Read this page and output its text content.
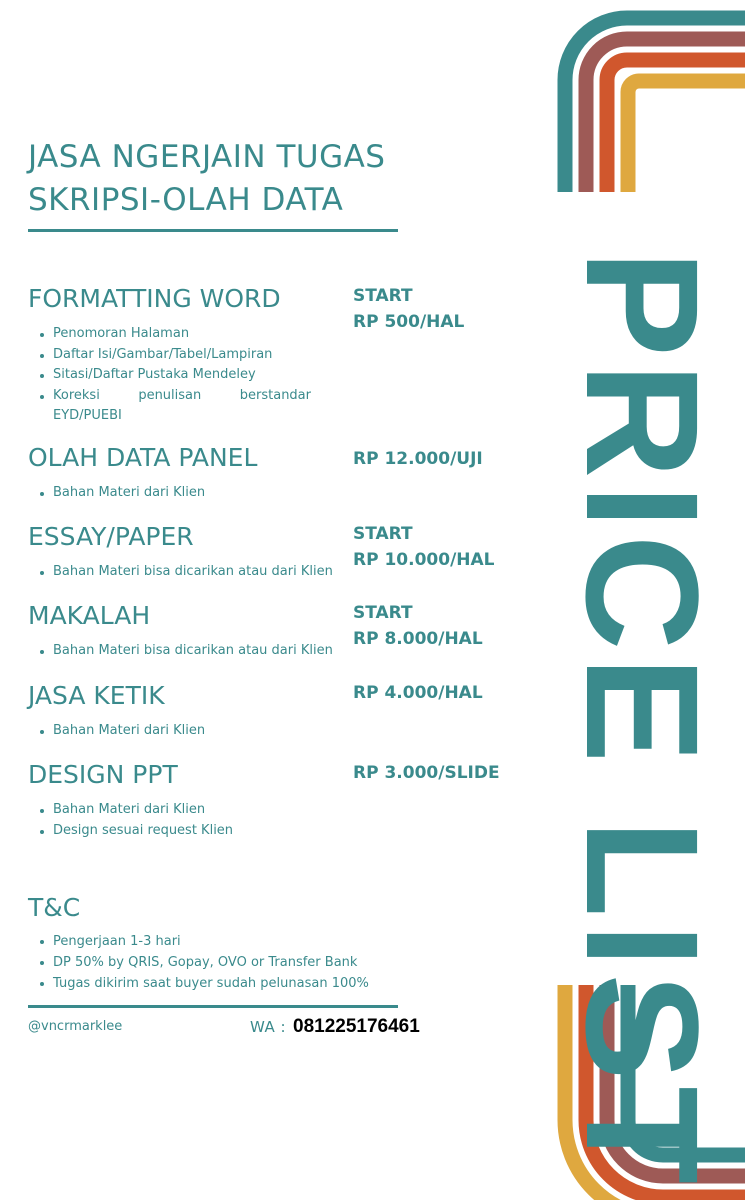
PRICE LIST
JASA NGERJAIN TUGAS
SKRIPSI-OLAH DATA
FORMATTING WORD
Penomoran Halaman
Daftar Isi/Gambar/Tabel/Lampiran
Sitasi/Daftar Pustaka Mendeley
Koreksi penulisan berstandar EYD/PUEBI
START
RP 500/HAL
OLAH DATA PANEL
Bahan Materi dari Klien
RP 12.000/UJI
ESSAY/PAPER
Bahan Materi bisa dicarikan atau dari Klien
START
RP 10.000/HAL
MAKALAH
Bahan Materi bisa dicarikan atau dari Klien
START
RP 8.000/HAL
JASA KETIK
Bahan Materi dari Klien
RP 4.000/HAL
DESIGN PPT
Bahan Materi dari Klien
Design sesuai request Klien
RP 3.000/SLIDE
T&C
Pengerjaan 1-3 hari
DP 50% by QRIS, Gopay, OVO or Transfer Bank
Tugas dikirim saat buyer sudah pelunasan 100%
@vncrmarklee	WA : 081225176461
